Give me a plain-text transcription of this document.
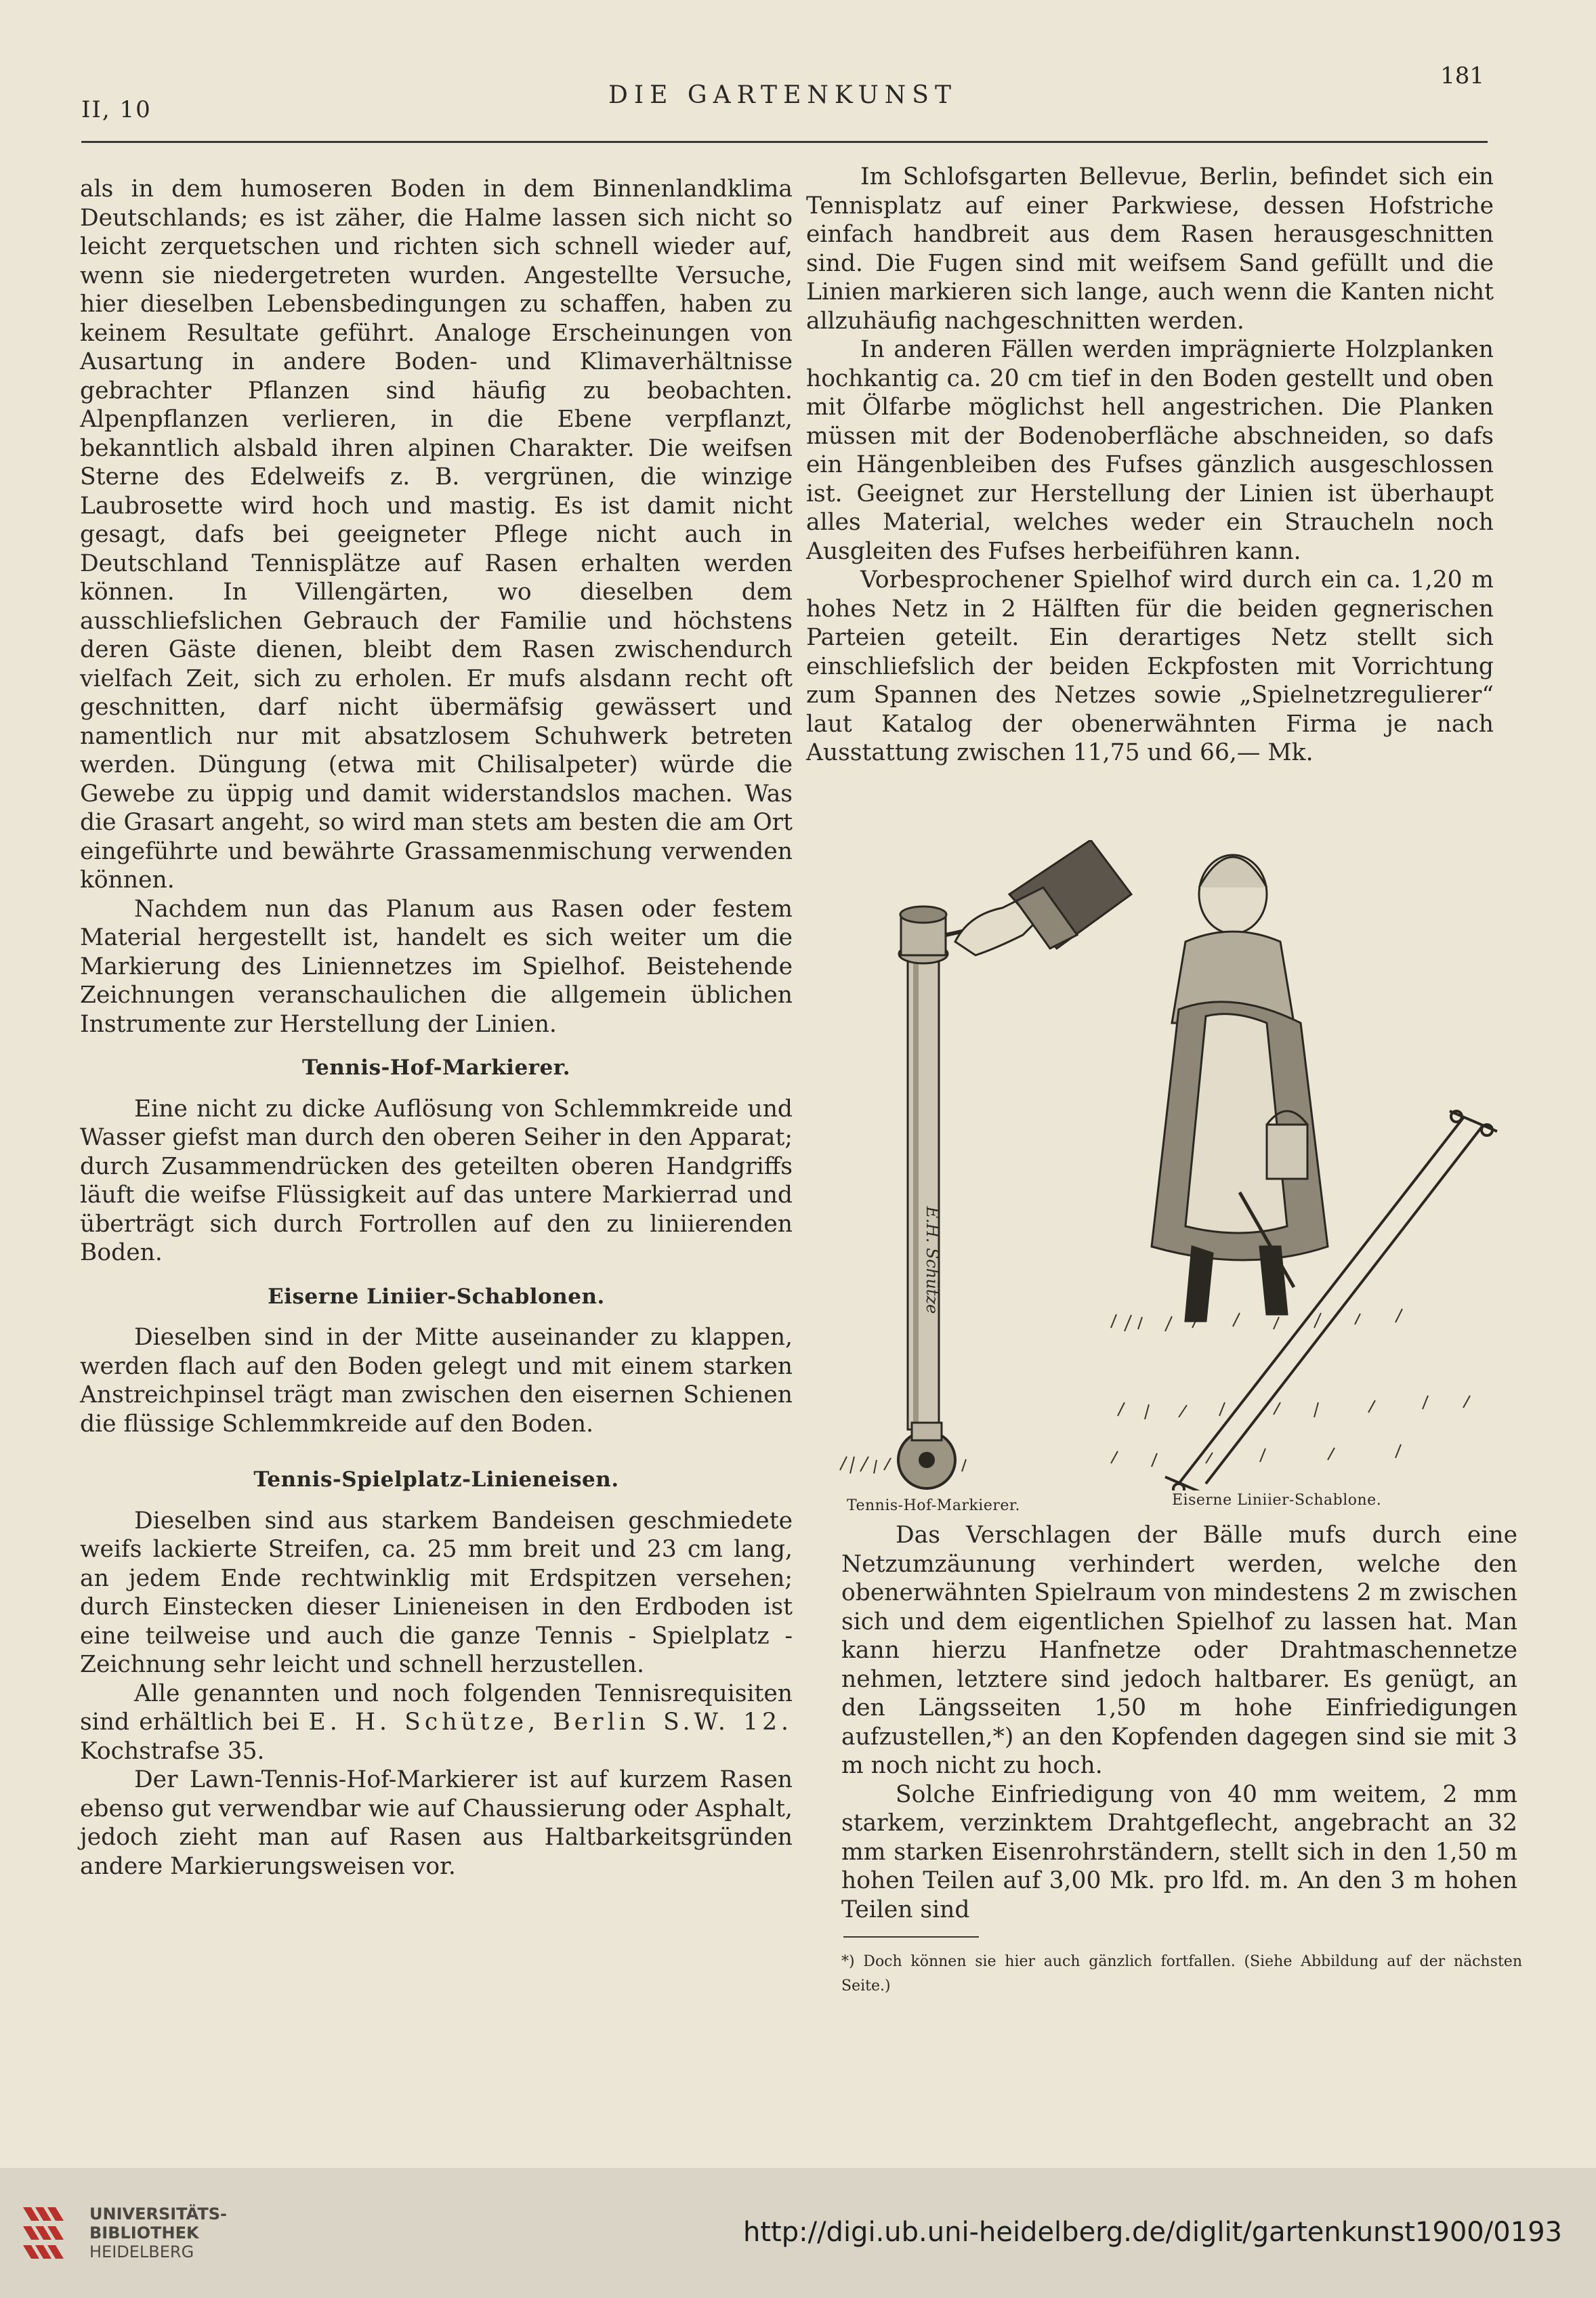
II, 10
DIE GARTENKUNST
181

als in dem humoseren Boden in dem Binnenlandklima Deutschlands; es ist zäher, die Halme lassen sich nicht so leicht zerquetschen und richten sich schnell wieder auf, wenn sie niedergetreten wurden. Angestellte Versuche, hier dieselben Lebensbedingungen zu schaffen, haben zu keinem Resultate geführt. Analoge Erscheinungen von Ausartung in andere Boden- und Klimaverhältnisse gebrachter Pflanzen sind häufig zu beobachten. Alpenpflanzen verlieren, in die Ebene verpflanzt, bekanntlich alsbald ihren alpinen Charakter. Die weifsen Sterne des Edelweifs z. B. vergrünen, die winzige Laubrosette wird hoch und mastig. Es ist damit nicht gesagt, dafs bei geeigneter Pflege nicht auch in Deutschland Tennisplätze auf Rasen erhalten werden können. In Villengärten, wo dieselben dem ausschliefslichen Gebrauch der Familie und höchstens deren Gäste dienen, bleibt dem Rasen zwischendurch vielfach Zeit, sich zu erholen. Er mufs alsdann recht oft geschnitten, darf nicht übermäfsig gewässert und namentlich nur mit absatzlosem Schuhwerk betreten werden. Düngung (etwa mit Chilisalpeter) würde die Gewebe zu üppig und damit widerstandslos machen. Was die Grasart angeht, so wird man stets am besten die am Ort eingeführte und bewährte Grassamenmischung verwenden können.

Nachdem nun das Planum aus Rasen oder festem Material hergestellt ist, handelt es sich weiter um die Markierung des Liniennetzes im Spielhof. Beistehende Zeichnungen veranschaulichen die allgemein üblichen Instrumente zur Herstellung der Linien.

Tennis-Hof-Markierer.

Eine nicht zu dicke Auflösung von Schlemmkreide und Wasser giefst man durch den oberen Seiher in den Apparat; durch Zusammendrücken des geteilten oberen Handgriffs läuft die weifse Flüssigkeit auf das untere Markierrad und überträgt sich durch Fortrollen auf den zu liniierenden Boden.

Eiserne Liniier-Schablonen.

Dieselben sind in der Mitte auseinander zu klappen, werden flach auf den Boden gelegt und mit einem starken Anstreichpinsel trägt man zwischen den eisernen Schienen die flüssige Schlemmkreide auf den Boden.

Tennis-Spielplatz-Linieneisen.

Dieselben sind aus starkem Bandeisen geschmiedete weifs lackierte Streifen, ca. 25 mm breit und 23 cm lang, an jedem Ende rechtwinklig mit Erdspitzen versehen; durch Einstecken dieser Linieneisen in den Erdboden ist eine teilweise und auch die ganze Tennis - Spielplatz - Zeichnung sehr leicht und schnell herzustellen.

Alle genannten und noch folgenden Tennisrequisiten sind erhältlich bei E. H. Schütze, Berlin S.W. 12. Kochstrafse 35.

Der Lawn-Tennis-Hof-Markierer ist auf kurzem Rasen ebenso gut verwendbar wie auf Chaussierung oder Asphalt, jedoch zieht man auf Rasen aus Haltbarkeitsgründen andere Markierungsweisen vor.

Im Schlofsgarten Bellevue, Berlin, befindet sich ein Tennisplatz auf einer Parkwiese, dessen Hofstriche einfach handbreit aus dem Rasen herausgeschnitten sind. Die Fugen sind mit weifsem Sand gefüllt und die Linien markieren sich lange, auch wenn die Kanten nicht allzuhäufig nachgeschnitten werden.

In anderen Fällen werden imprägnierte Holzplanken hochkantig ca. 20 cm tief in den Boden gestellt und oben mit Ölfarbe möglichst hell angestrichen. Die Planken müssen mit der Bodenoberfläche abschneiden, so dafs ein Hängenbleiben des Fufses gänzlich ausgeschlossen ist. Geeignet zur Herstellung der Linien ist überhaupt alles Material, welches weder ein Straucheln noch Ausgleiten des Fufses herbeiführen kann.

Vorbesprochener Spielhof wird durch ein ca. 1,20 m hohes Netz in 2 Hälften für die beiden gegnerischen Parteien geteilt. Ein derartiges Netz stellt sich einschliefslich der beiden Eckpfosten mit Vorrichtung zum Spannen des Netzes sowie „Spielnetzregulierer“ laut Katalog der obenerwähnten Firma je nach Ausstattung zwischen 11,75 und 66,— Mk.

E.H. Schütze
Tennis-Hof-Markierer.	Eiserne Liniier-Schablone.

Das Verschlagen der Bälle mufs durch eine Netzumzäunung verhindert werden, welche den obenerwähnten Spielraum von mindestens 2 m zwischen sich und dem eigentlichen Spielhof zu lassen hat. Man kann hierzu Hanfnetze oder Drahtmaschennetze nehmen, letztere sind jedoch haltbarer. Es genügt, an den Längsseiten 1,50 m hohe Einfriedigungen aufzustellen,*) an den Kopfenden dagegen sind sie mit 3 m noch nicht zu hoch.

Solche Einfriedigung von 40 mm weitem, 2 mm starkem, verzinktem Drahtgeflecht, angebracht an 32 mm starken Eisenrohrständern, stellt sich in den 1,50 m hohen Teilen auf 3,00 Mk. pro lfd. m. An den 3 m hohen Teilen sind

*) Doch können sie hier auch gänzlich fortfallen. (Siehe Abbildung auf der nächsten Seite.)
UNIVERSITÄTS-
BIBLIOTHEK
HEIDELBERG
http://digi.ub.uni-heidelberg.de/diglit/gartenkunst1900/0193
